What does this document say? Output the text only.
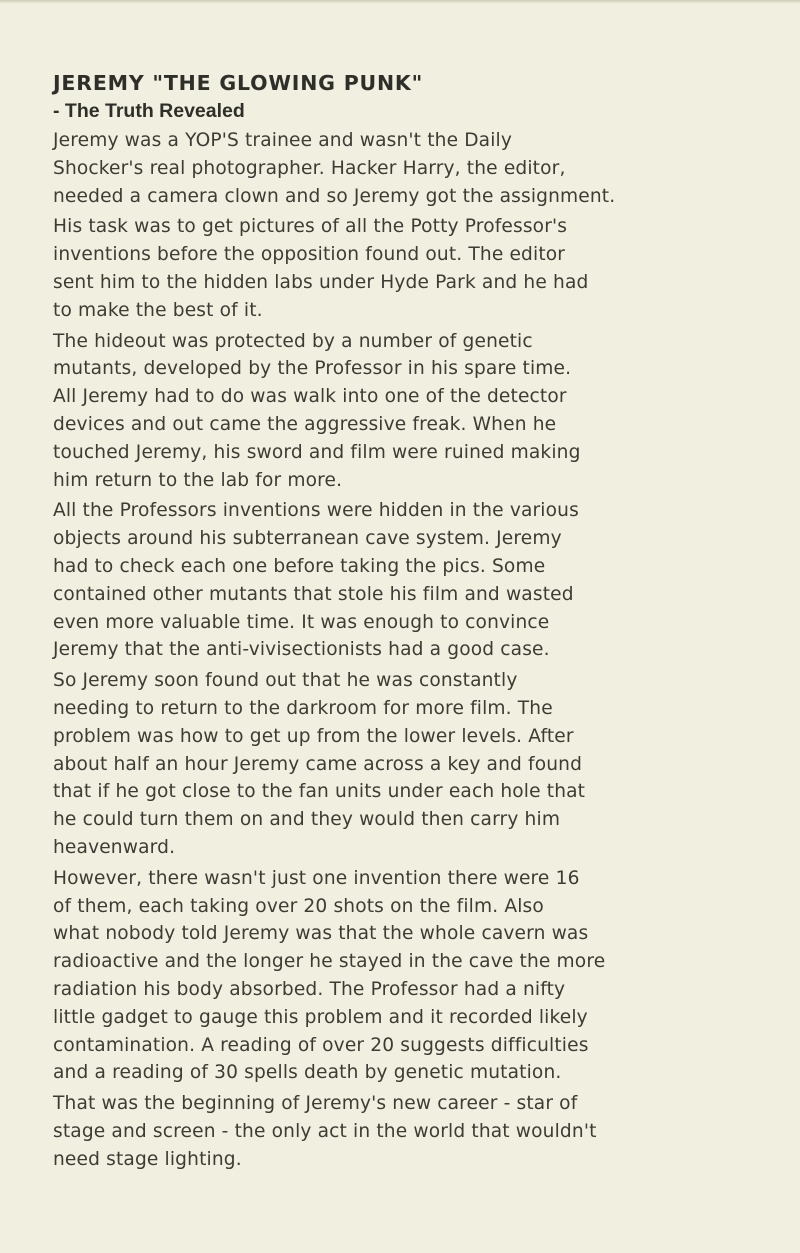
JEREMY "THE GLOWING PUNK"
- The Truth Revealed
Jeremy was a YOP'S trainee and wasn't the Daily
Shocker's real photographer. Hacker Harry, the editor,
needed a camera clown and so Jeremy got the assignment.
His task was to get pictures of all the Potty Professor's
inventions before the opposition found out. The editor
sent him to the hidden labs under Hyde Park and he had
to make the best of it.
The hideout was protected by a number of genetic
mutants, developed by the Professor in his spare time.
All Jeremy had to do was walk into one of the detector
devices and out came the aggressive freak. When he
touched Jeremy, his sword and film were ruined making
him return to the lab for more.
All the Professors inventions were hidden in the various
objects around his subterranean cave system. Jeremy
had to check each one before taking the pics. Some
contained other mutants that stole his film and wasted
even more valuable time. It was enough to convince
Jeremy that the anti-vivisectionists had a good case.
So Jeremy soon found out that he was constantly
needing to return to the darkroom for more film. The
problem was how to get up from the lower levels. After
about half an hour Jeremy came across a key and found
that if he got close to the fan units under each hole that
he could turn them on and they would then carry him
heavenward.
However, there wasn't just one invention there were 16
of them, each taking over 20 shots on the film. Also
what nobody told Jeremy was that the whole cavern was
radioactive and the longer he stayed in the cave the more
radiation his body absorbed. The Professor had a nifty
little gadget to gauge this problem and it recorded likely
contamination. A reading of over 20 suggests difficulties
and a reading of 30 spells death by genetic mutation.
That was the beginning of Jeremy's new career - star of
stage and screen - the only act in the world that wouldn't
need stage lighting.
